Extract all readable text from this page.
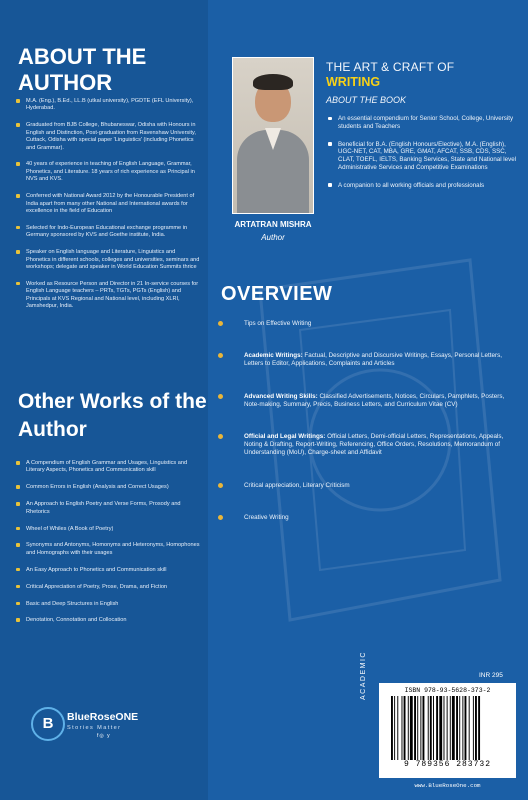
ABOUT THE AUTHOR
M.A. (Eng.), B.Ed., LL.B (utkal university), PGDTE (EFL University), Hyderabad.
Graduated from BJB College, Bhubaneswar, Odisha with Honours in English and Distinction, Post-graduation from Ravenshaw University, Cuttack, Odisha with special paper 'Linguistics' (including Phonetics and Grammar).
40 years of experience in teaching of English Language, Grammar, Phonetics, and Literature. 18 years of rich experience as Principal in NVS and KVS.
Conferred with National Award 2012 by the Honourable President of India apart from many other National and International awards for excellence in the field of Education
Selected for Indo-European Educational exchange programme in Germany sponsored by KVS and Goethe institute, India.
Speaker on English language and Literature, Linguistics and Phonetics in different schools, colleges and universities, seminars and workshops; delegate and speaker in World Education Summits thrice
Worked as Resource Person and Director in 21 In-service courses for English Language teachers – PRTs, TGTs, PGTs (English) and Principals at KVS Regional and National level, including XLRI, Jamshedpur, India.
Other Works of the Author
A Compendium of English Grammar and Usages, Linguistics and Literary Aspects, Phonetics and Communication skill
Common Errors in English (Analysis and Correct Usages)
An Approach to English Poetry and Verse Forms, Prosody and Rhetorics
Wheel of Whiles (A Book of Poetry)
Synonyms and Antonyms, Homonyms and Heteronyms, Homophones and Homographs with their usages
An Easy Approach to Phonetics and Communication skill
Critical Appreciation of Poetry, Prose, Drama, and Fiction
Basic and Deep Structures in English
Denotation, Connotation and Collocation
ARTATRAN MISHRA
Author
THE ART & CRAFT OF
WRITING
ABOUT THE BOOK
An essential compendium for Senior School, College, University students and Teachers
Beneficial for B.A. (English Honours/Elective), M.A. (English), UGC-NET, CAT, MBA, GRE, GMAT, AFCAT, SSB, CDS, SSC, CLAT, TOEFL, IELTS, Banking Services, State and National level Administrative Services and Competitive Examinations
A companion to all working officials and professionals
OVERVIEW
Tips on Effective Writing
Academic Writings: Factual, Descriptive and Discursive Writings, Essays, Personal Letters, Letters to Editor, Applications, Complaints and Articles
Advanced Writing Skills: Classified Advertisements, Notices, Circulars, Pamphlets, Posters, Note-making, Summary, Precis, Business Letters, and Curriculum Vitae (CV)
Official and Legal Writings: Official Letters, Demi-official Letters, Representations, Appeals, Noting & Drafting, Report-Writing, Referencing, Office Orders, Resolutions, Memorandum of Understanding (MoU), Charge-sheet and Affidavit
Critical appreciation, Literary Criticism
Creative Writing
B	BlueRoseONE
Stories Matter
f◎ y
INR 295
ACADEMIC	ISBN 978-93-5628-373-2
9 789356 283732
www.BlueRoseOne.com
